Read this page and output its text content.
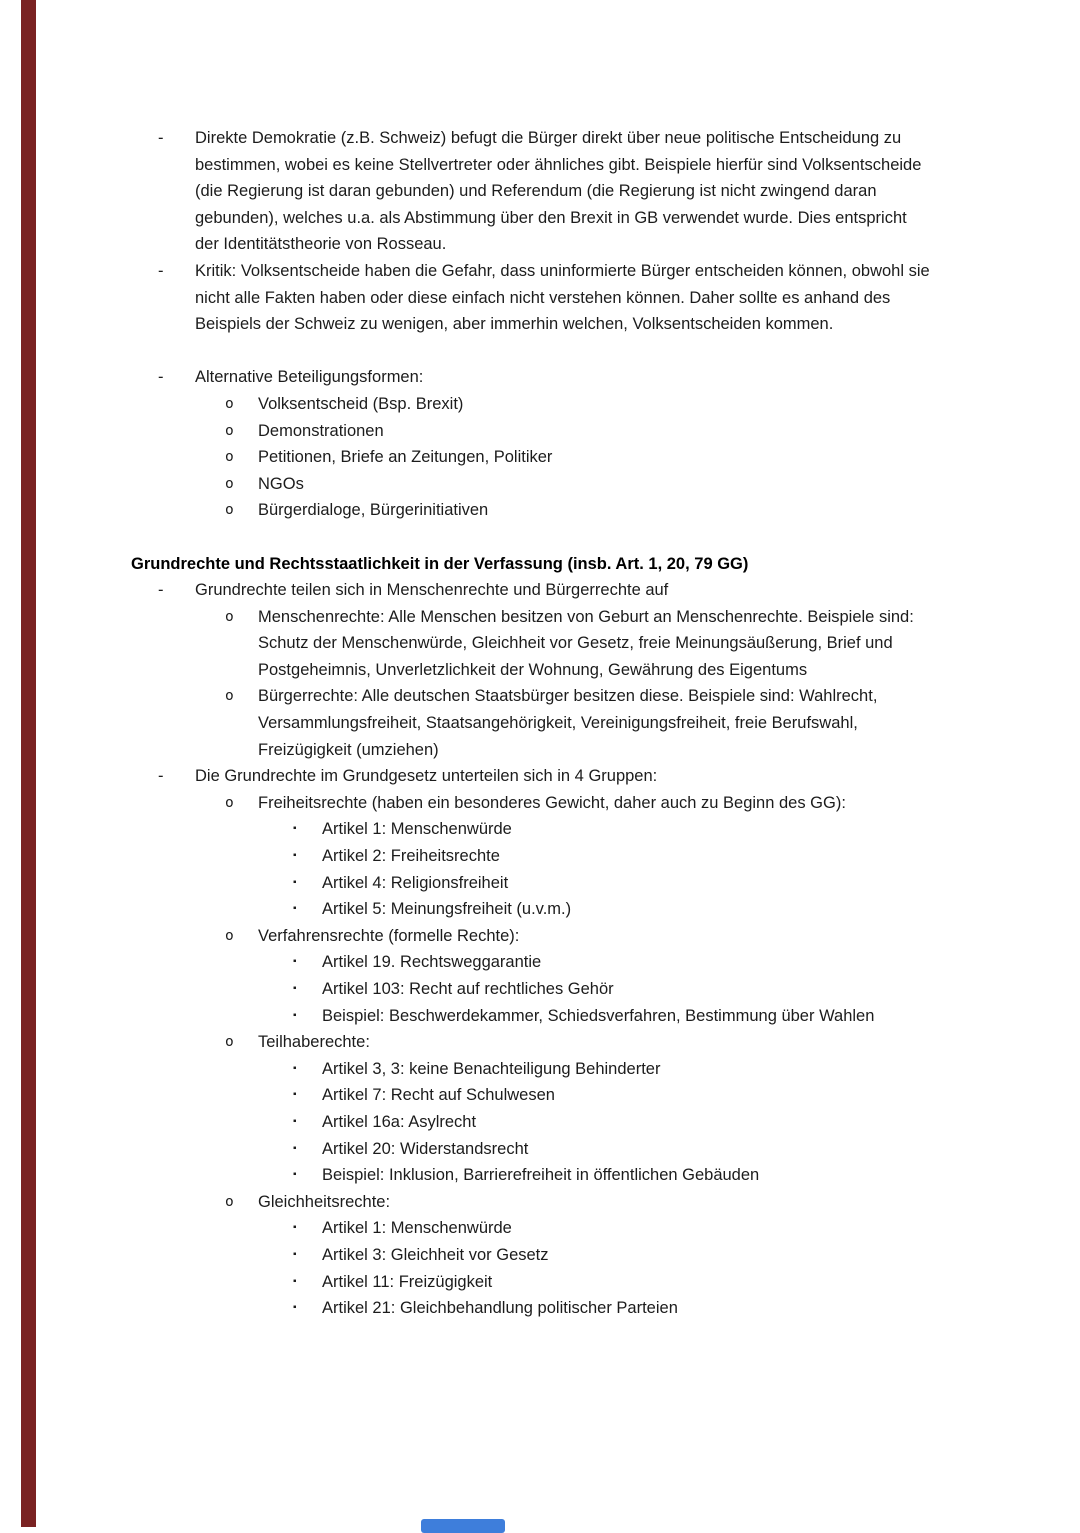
-	Direkte Demokratie (z.B. Schweiz) befugt die Bürger direkt über neue politische Entscheidung zu bestimmen, wobei es keine Stellvertreter oder ähnliches gibt. Beispiele hierfür sind Volksentscheide (die Regierung ist daran gebunden) und Referendum (die Regierung ist nicht zwingend daran gebunden), welches u.a. als Abstimmung über den Brexit in GB verwendet wurde. Dies entspricht der Identitätstheorie von Rosseau.
-	Kritik: Volksentscheide haben die Gefahr, dass uninformierte Bürger entscheiden können, obwohl sie nicht alle Fakten haben oder diese einfach nicht verstehen können. Daher sollte es anhand des Beispiels der Schweiz zu wenigen, aber immerhin welchen, Volksentscheiden kommen.
-	Alternative Beteiligungsformen:
o	Volksentscheid (Bsp. Brexit)
o	Demonstrationen
o	Petitionen, Briefe an Zeitungen, Politiker
o	NGOs
o	Bürgerdialoge, Bürgerinitiativen
Grundrechte und Rechtsstaatlichkeit in der Verfassung (insb. Art. 1, 20, 79 GG)
-	Grundrechte teilen sich in Menschenrechte und Bürgerrechte auf
o	Menschenrechte: Alle Menschen besitzen von Geburt an Menschenrechte. Beispiele sind: Schutz der Menschenwürde, Gleichheit vor Gesetz, freie Meinungsäußerung, Brief und Postgeheimnis, Unverletzlichkeit der Wohnung, Gewährung des Eigentums
o	Bürgerrechte: Alle deutschen Staatsbürger besitzen diese. Beispiele sind: Wahlrecht, Versammlungsfreiheit, Staatsangehörigkeit, Vereinigungsfreiheit, freie Berufswahl, Freizügigkeit (umziehen)
-	Die Grundrechte im Grundgesetz unterteilen sich in 4 Gruppen:
o	Freiheitsrechte (haben ein besonderes Gewicht, daher auch zu Beginn des GG):
▪	Artikel 1: Menschenwürde
▪	Artikel 2: Freiheitsrechte
▪	Artikel 4: Religionsfreiheit
▪	Artikel 5: Meinungsfreiheit (u.v.m.)
o	Verfahrensrechte (formelle Rechte):
▪	Artikel 19. Rechtsweggarantie
▪	Artikel 103: Recht auf rechtliches Gehör
▪	Beispiel: Beschwerdekammer, Schiedsverfahren, Bestimmung über Wahlen
o	Teilhaberechte:
▪	Artikel 3, 3: keine Benachteiligung Behinderter
▪	Artikel 7: Recht auf Schulwesen
▪	Artikel 16a: Asylrecht
▪	Artikel 20: Widerstandsrecht
▪	Beispiel: Inklusion, Barrierefreiheit in öffentlichen Gebäuden
o	Gleichheitsrechte:
▪	Artikel 1: Menschenwürde
▪	Artikel 3: Gleichheit vor Gesetz
▪	Artikel 11: Freizügigkeit
▪	Artikel 21: Gleichbehandlung politischer Parteien
